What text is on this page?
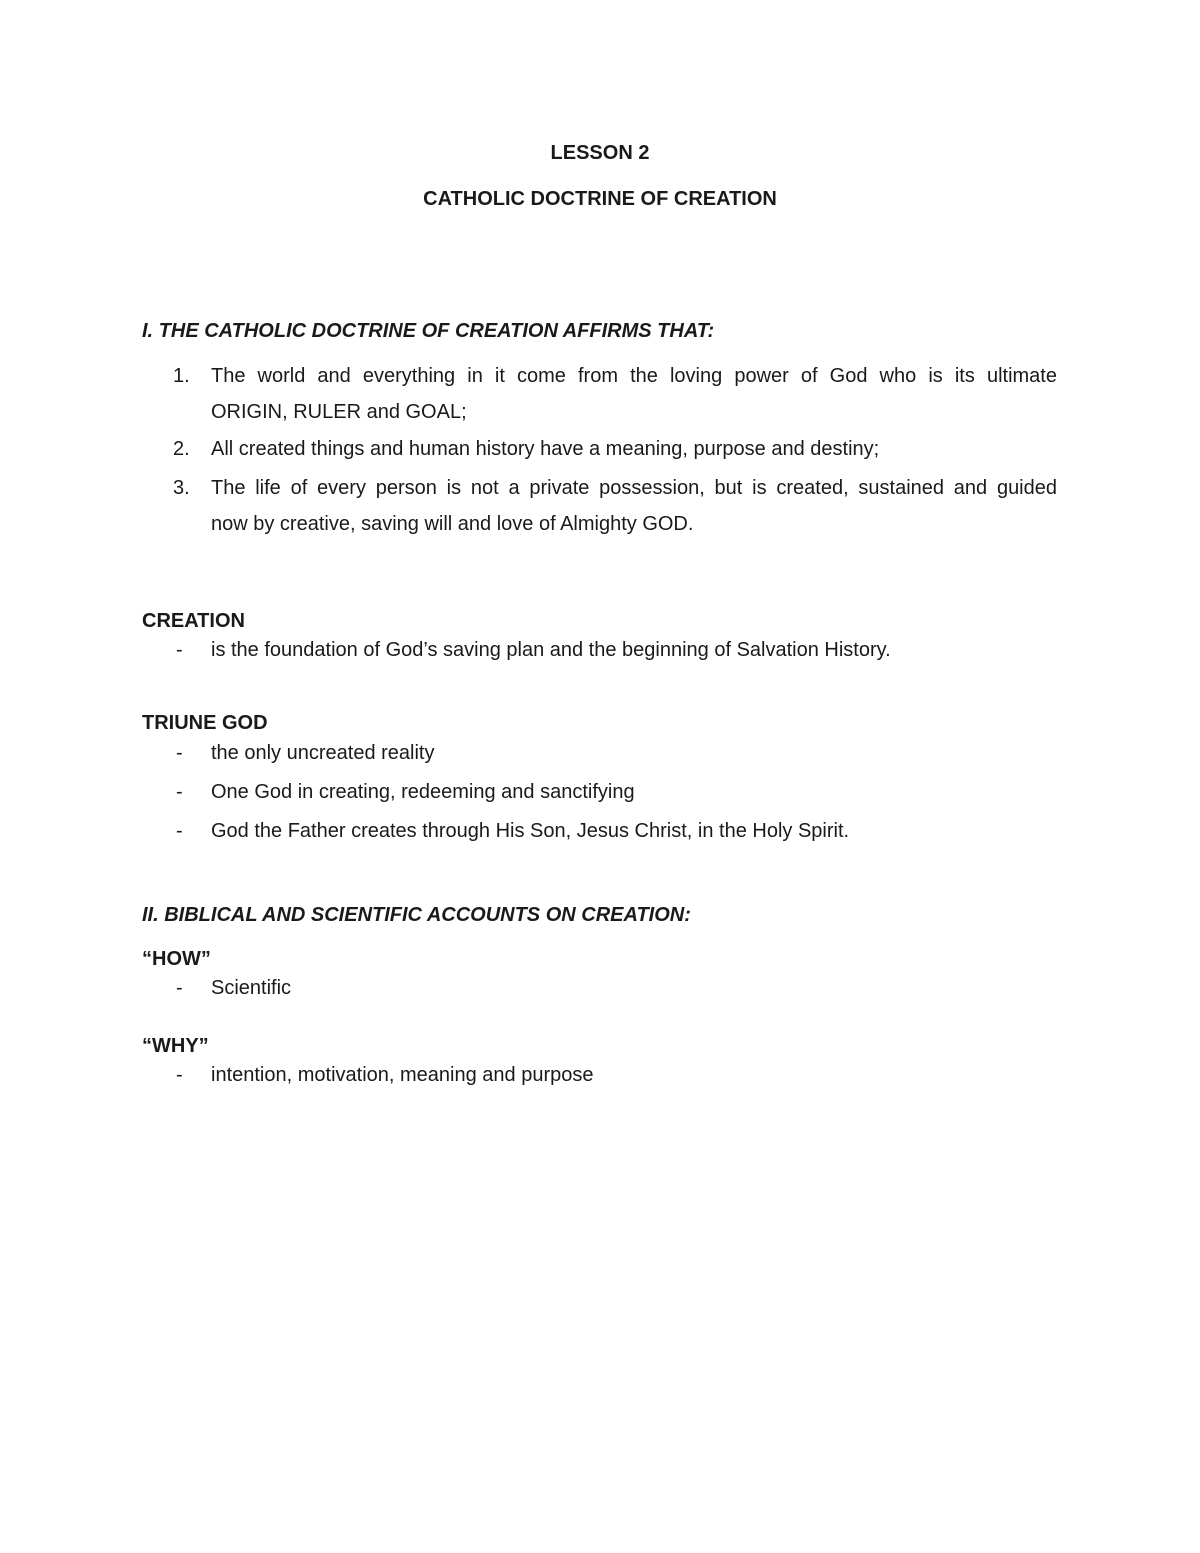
LESSON 2
CATHOLIC DOCTRINE OF CREATION
I. THE CATHOLIC DOCTRINE OF CREATION AFFIRMS THAT:
1. The world and everything in it come from the loving power of God who is its ultimate
ORIGIN, RULER and GOAL;
2. All created things and human history have a meaning, purpose and destiny;
3. The life of every person is not a private possession, but is created, sustained and guided
now by creative, saving will and love of Almighty GOD.
CREATION
- is the foundation of God’s saving plan and the beginning of Salvation History.
TRIUNE GOD
- the only uncreated reality
- One God in creating, redeeming and sanctifying
- God the Father creates through His Son, Jesus Christ, in the Holy Spirit.
II. BIBLICAL AND SCIENTIFIC ACCOUNTS ON CREATION:
“HOW”
- Scientific
“WHY”
- intention, motivation, meaning and purpose
